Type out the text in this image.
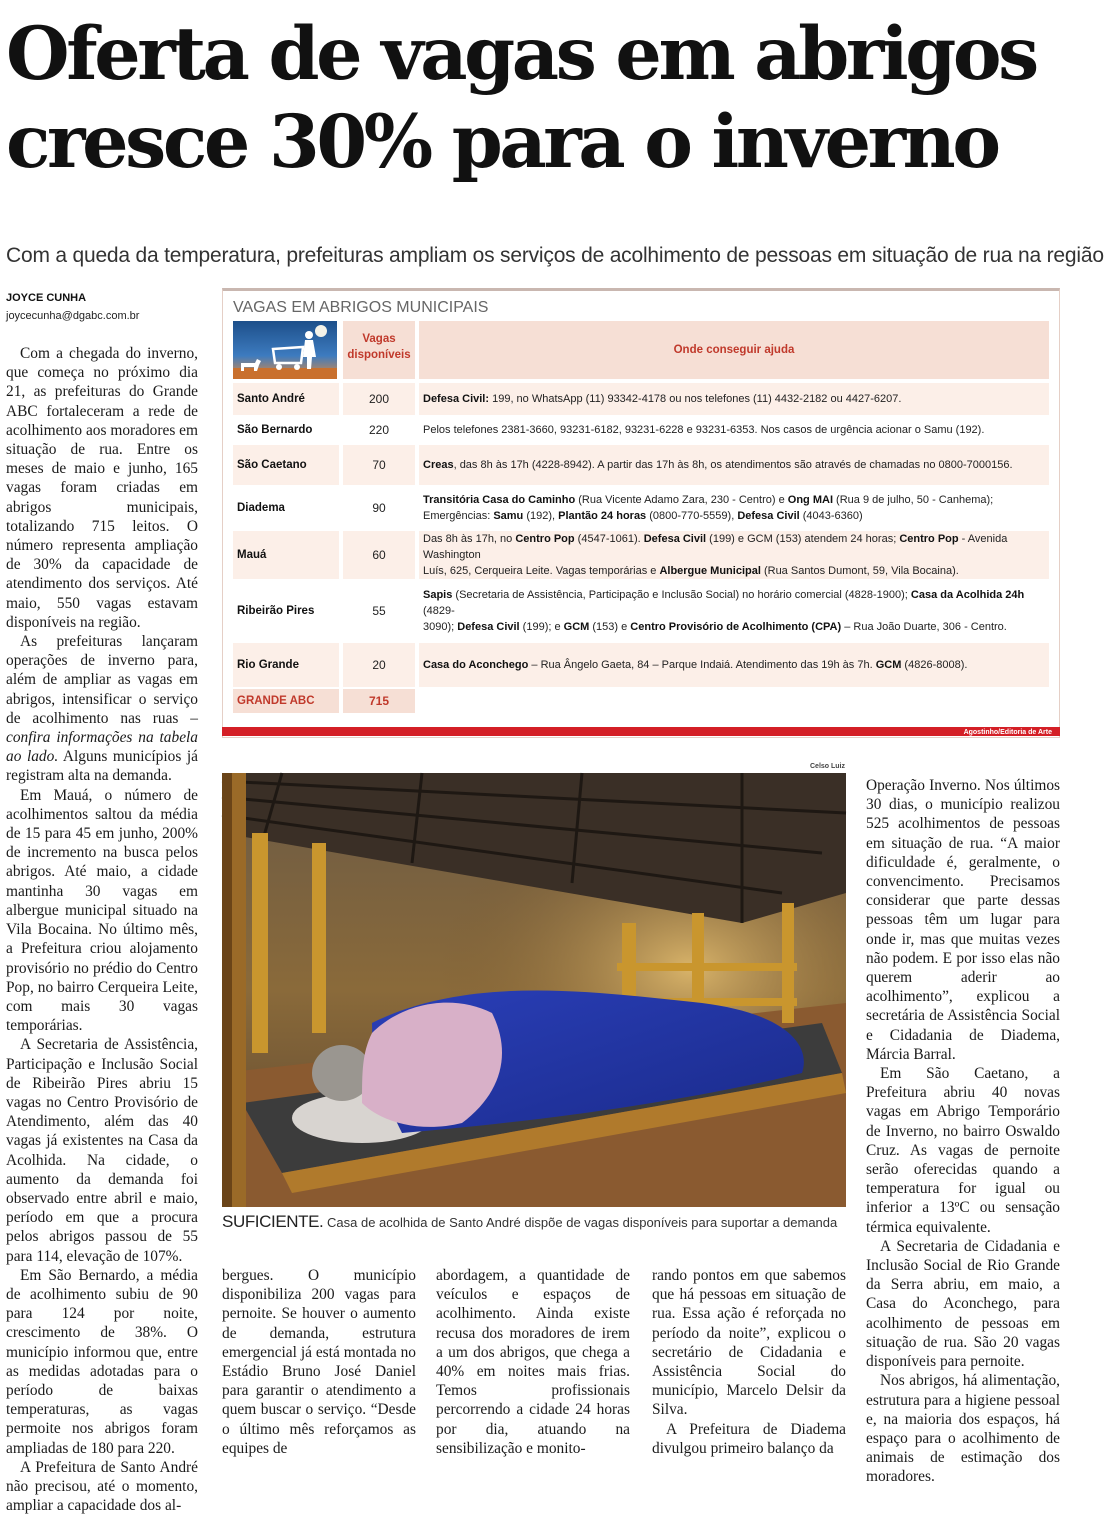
Oferta de vagas em abrigos cresce 30% para o inverno
Com a queda da temperatura, prefeituras ampliam os serviços de acolhimento de pessoas em situação de rua na região
JOYCE CUNHA
joycecunha@dgabc.com.br

Com a chegada do inverno, que começa no próximo dia 21, as prefeituras do Grande ABC fortaleceram a rede de acolhimento aos moradores em situação de rua. Entre os meses de maio e junho, 165 vagas foram criadas em abrigos municipais, totalizando 715 leitos. O número representa ampliação de 30% da capacidade de atendimento dos serviços. Até maio, 550 vagas estavam disponíveis na região.

As prefeituras lançaram operações de inverno para, além de ampliar as vagas em abrigos, intensificar o serviço de acolhimento nas ruas – confira informações na tabela ao lado. Alguns municípios já registram alta na demanda.

Em Mauá, o número de acolhimentos saltou da média de 15 para 45 em junho, 200% de incremento na busca pelos abrigos. Até maio, a cidade mantinha 30 vagas em albergue municipal situado na Vila Bocaina. No último mês, a Prefeitura criou alojamento provisório no prédio do Centro Pop, no bairro Cerqueira Leite, com mais 30 vagas temporárias.

A Secretaria de Assistência, Participação e Inclusão Social de Ribeirão Pires abriu 15 vagas no Centro Provisório de Atendimento, além das 40 vagas já existentes na Casa da Acolhida. Na cidade, o aumento da demanda foi observado entre abril e maio, período em que a procura pelos abrigos passou de 55 para 114, elevação de 107%.

Em São Bernardo, a média de acolhimento subiu de 90 para 124 por noite, crescimento de 38%. O município informou que, entre as medidas adotadas para o período de baixas temperaturas, as vagas permoite nos abrigos foram ampliadas de 180 para 220.

A Prefeitura de Santo André não precisou, até o momento, ampliar a capacidade dos al-

VAGAS EM ABRIGOS MUNICIPAIS
Vagas
disponíveis	Onde conseguir ajuda
Santo André	200	Defesa Civil: 199, no WhatsApp (11) 93342-4178 ou nos telefones (11) 4432-2182 ou 4427-6207.
São Bernardo	220	Pelos telefones 2381-3660, 93231-6182, 93231-6228 e 93231-6353. Nos casos de urgência acionar o Samu (192).
São Caetano	70	Creas, das 8h às 17h (4228-8942). A partir das 17h às 8h, os atendimentos são através de chamadas no 0800-7000156.
Diadema	90
Transitória Casa do Caminho (Rua Vicente Adamo Zara, 230 - Centro) e Ong MAI (Rua 9 de julho, 50 - Canhema);
Emergências: Samu (192), Plantão 24 horas (0800-770-5559), Defesa Civil (4043-6360)
Mauá	60
Das 8h às 17h, no Centro Pop (4547-1061). Defesa Civil (199) e GCM (153) atendem 24 horas; Centro Pop - Avenida Washington
Luís, 625, Cerqueira Leite. Vagas temporárias e Albergue Municipal (Rua Santos Dumont, 59, Vila Bocaina).
Ribeirão Pires	55
Sapis (Secretaria de Assistência, Participação e Inclusão Social) no horário comercial (4828-1900); Casa da Acolhida 24h (4829-
3090); Defesa Civil (199); e GCM (153) e Centro Provisório de Acolhimento (CPA) – Rua João Duarte, 306 - Centro.
Rio Grande	20	Casa do Aconchego – Rua Ângelo Gaeta, 84 – Parque Indaiá. Atendimento das 19h às 7h. GCM (4826-8008).
GRANDE ABC	715
Agostinho/Editoria de Arte
Celso Luiz
SUFICIENTE. Casa de acolhida de Santo André dispõe de vagas disponíveis para suportar a demanda

bergues. O município disponibiliza 200 vagas para pernoite. Se houver o aumento de demanda, estrutura emergencial já está montada no Estádio Bruno José Daniel para garantir o atendimento a quem buscar o serviço. “Desde o último mês reforçamos as equipes de

abordagem, a quantidade de veículos e espaços de acolhimento. Ainda existe recusa dos moradores de irem a um dos abrigos, que chega a 40% em noites mais frias. Temos profissionais percorrendo a cidade 24 horas por dia, atuando na sensibilização e monito-

rando pontos em que sabemos que há pessoas em situação de rua. Essa ação é reforçada no período da noite”, explicou o secretário de Cidadania e Assistência Social do município, Marcelo Delsir da Silva.

A Prefeitura de Diadema divulgou primeiro balanço da

Operação Inverno. Nos últimos 30 dias, o município realizou 525 acolhimentos de pessoas em situação de rua. “A maior dificuldade é, geralmente, o convencimento. Precisamos considerar que parte dessas pessoas têm um lugar para onde ir, mas que muitas vezes não podem. E por isso elas não querem aderir ao acolhimento”, explicou a secretária de Assistência Social e Cidadania de Diadema, Márcia Barral.

Em São Caetano, a Prefeitura abriu 40 novas vagas em Abrigo Temporário de Inverno, no bairro Oswaldo Cruz. As vagas de pernoite serão oferecidas quando a temperatura for igual ou inferior a 13ºC ou sensação térmica equivalente.

A Secretaria de Cidadania e Inclusão Social de Rio Grande da Serra abriu, em maio, a Casa do Aconchego, para acolhimento de pessoas em situação de rua. São 20 vagas disponíveis para pernoite.

Nos abrigos, há alimentação, estrutura para a higiene pessoal e, na maioria dos espaços, há espaço para o acolhimento de animais de estimação dos moradores.
